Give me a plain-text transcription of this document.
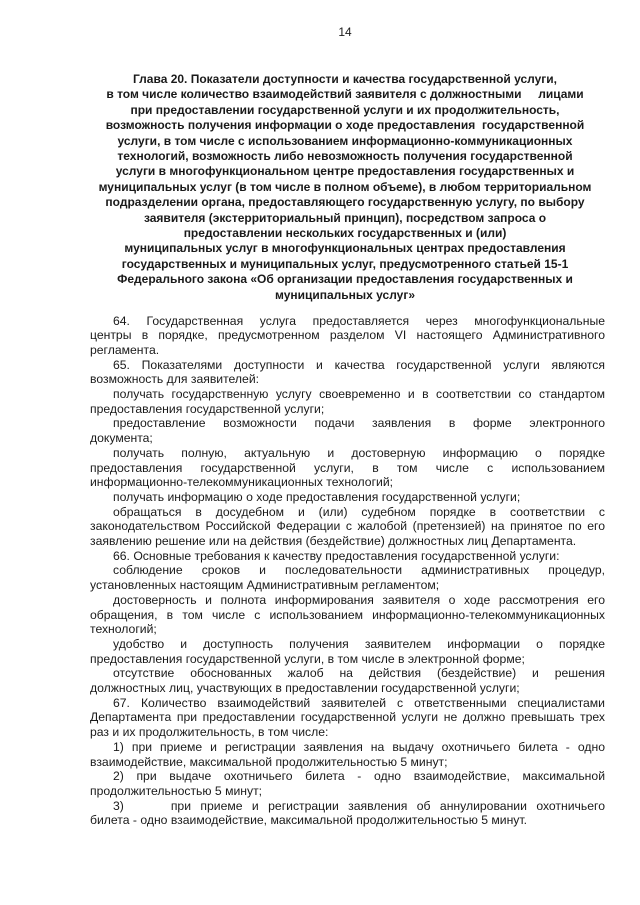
14
Глава 20. Показатели доступности и качества государственной услуги,
в том числе количество взаимодействий заявителя с должностными     лицами
при предоставлении государственной услуги и их продолжительность,
возможность получения информации о ходе предоставления  государственной
услуги, в том числе с использованием информационно-коммуникационных
технологий, возможность либо невозможность получения государственной
услуги в многофункциональном центре предоставления государственных и
муниципальных услуг (в том числе в полном объеме), в любом территориальном
подразделении органа, предоставляющего государственную услугу, по выбору
заявителя (экстерриториальный принцип), посредством запроса о
предоставлении нескольких государственных и (или)
муниципальных услуг в многофункциональных центрах предоставления
государственных и муниципальных услуг, предусмотренного статьей 15-1
Федерального закона «Об организации предоставления государственных и
муниципальных услуг»
64. Государственная услуга предоставляется через многофункциональные
центры в порядке, предусмотренном разделом VI настоящего Административного
регламента.
65. Показателями доступности и качества государственной услуги являются
возможность для заявителей:
получать государственную услугу своевременно и в соответствии со стандартом
предоставления государственной услуги;
предоставление возможности подачи заявления в форме электронного
документа;
получать полную, актуальную и достоверную информацию о порядке
предоставления государственной услуги, в том числе с использованием
информационно-телекоммуникационных технологий;
получать информацию о ходе предоставления государственной услуги;
обращаться в досудебном и (или) судебном порядке в соответствии с
законодательством Российской Федерации с жалобой (претензией) на принятое по его
заявлению решение или на действия (бездействие) должностных лиц Департамента.
66. Основные требования к качеству предоставления государственной услуги:
соблюдение сроков и последовательности административных процедур,
установленных настоящим Административным регламентом;
достоверность и полнота информирования заявителя о ходе рассмотрения его
обращения, в том числе с использованием информационно-телекоммуникационных
технологий;
удобство и доступность получения заявителем информации о порядке
предоставления государственной услуги, в том числе в электронной форме;
отсутствие обоснованных жалоб на действия (бездействие) и решения
должностных лиц, участвующих в предоставлении государственной услуги;
67. Количество взаимодействий заявителей с ответственными специалистами
Департамента при предоставлении государственной услуги не должно превышать трех
раз и их продолжительность, в том числе:
1) при приеме и регистрации заявления на выдачу охотничьего билета - одно
взаимодействие, максимальной продолжительностью 5 минут;
2) при выдаче охотничьего билета - одно взаимодействие, максимальной
продолжительностью 5 минут;
3)     при приеме и регистрации заявления об аннулировании охотничьего
билета - одно взаимодействие, максимальной продолжительностью 5 минут.
